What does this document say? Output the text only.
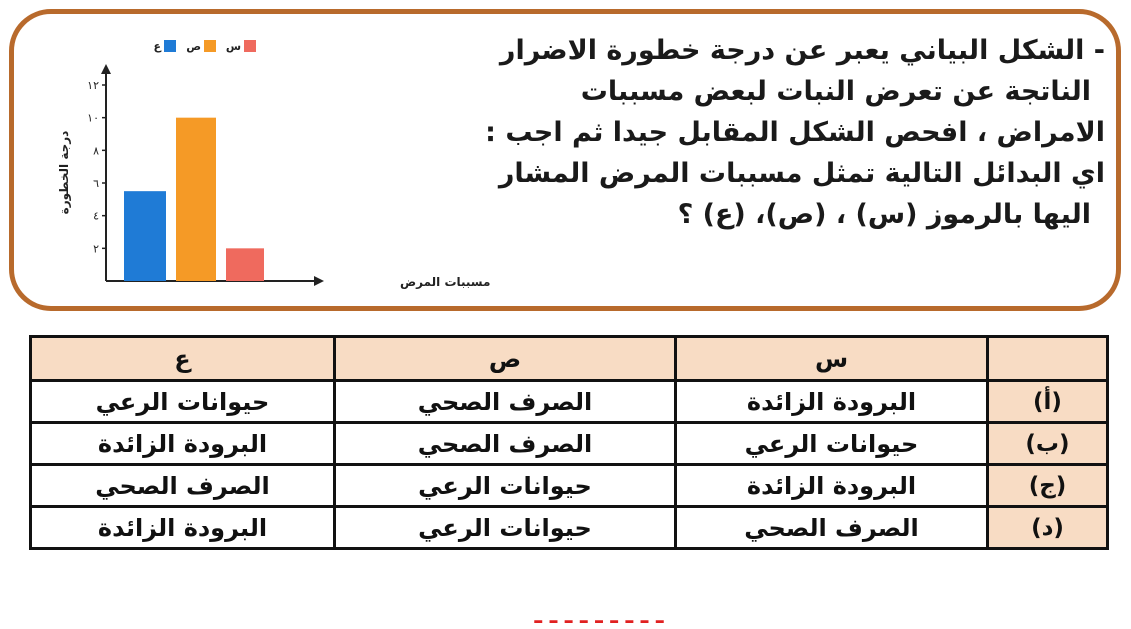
- الشكل البياني يعبر عن درجة خطورة الاضرار
الناتجة عن تعرض النبات لبعض مسببات
الامراض ، افحص الشكل المقابل جيدا ثم اجب :
اي البدائل التالية تمثل مسببات المرض المشار
اليها بالرموز (س) ، (ص)، (ع) ؟
١٢
١٠
٨
٦
٤
٢
درجة الخطورة
مسببات المرض
س
ص
ع
ع	ص	س	
حيوانات الرعي	الصرف الصحي	البرودة الزائدة	(أ)
البرودة الزائدة	الصرف الصحي	حيوانات الرعي	(ب)
الصرف الصحي	حيوانات الرعي	البرودة الزائدة	(ج)
البرودة الزائدة	حيوانات الرعي	الصرف الصحي	(د)
ـ ـ ـ ـ ـ ـ ـ ـ ـ
